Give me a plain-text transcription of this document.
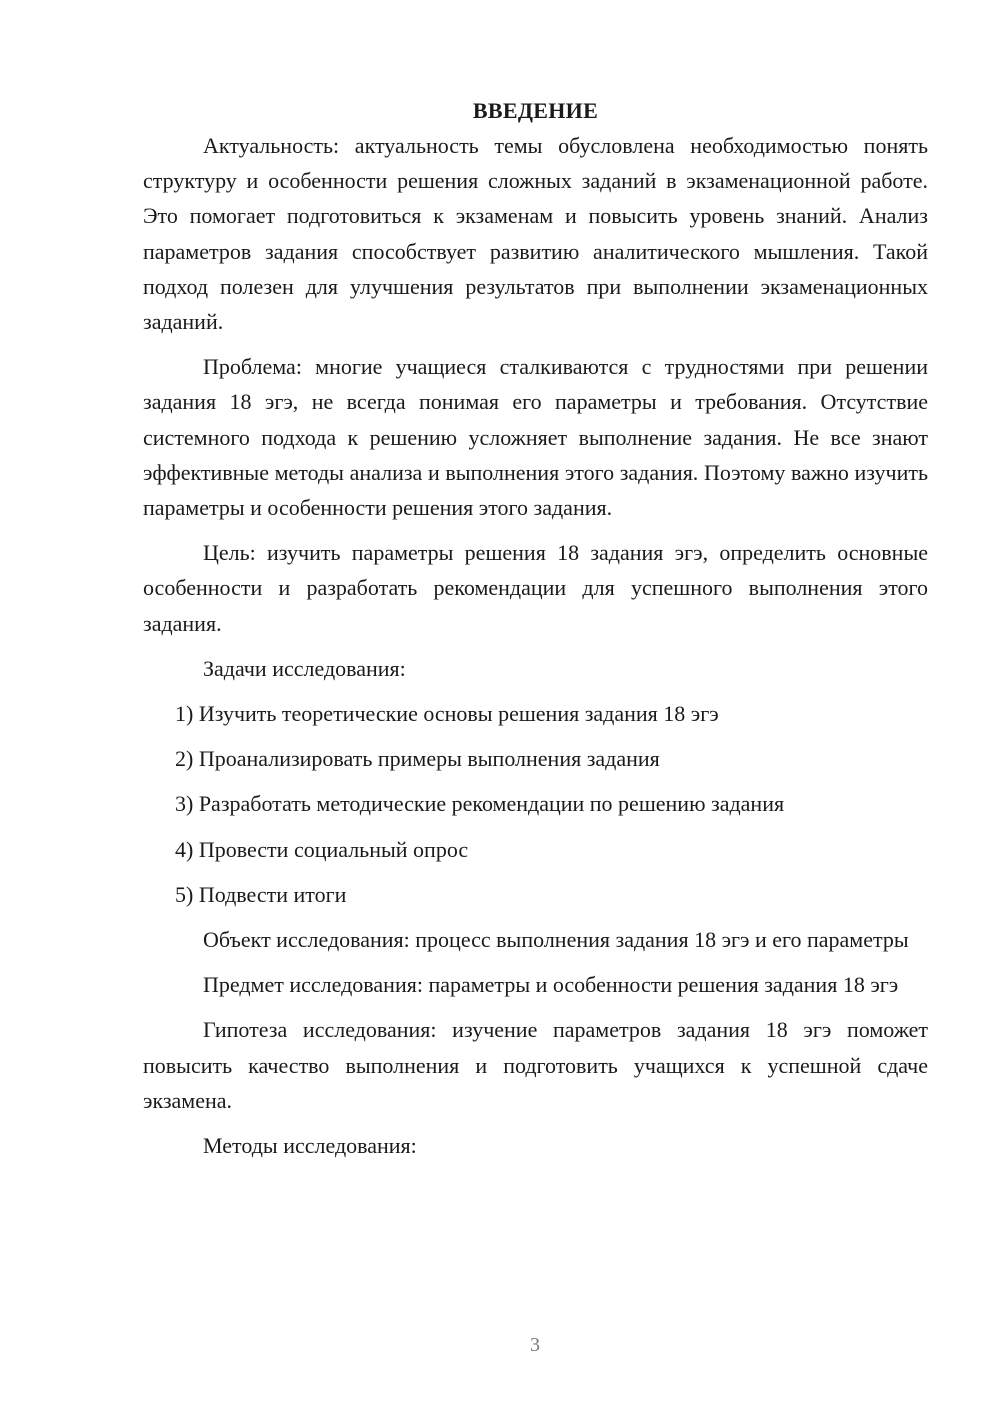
ВВЕДЕНИЕ

Актуальность: актуальность темы обусловлена необходимостью понять структуру и особенности решения сложных заданий в экзаменационной работе. Это помогает подготовиться к экзаменам и повысить уровень знаний. Анализ параметров задания способствует развитию аналитического мышления. Такой подход полезен для улучшения результатов при выполнении экзаменационных заданий.

Проблема: многие учащиеся сталкиваются с трудностями при решении задания 18 эгэ, не всегда понимая его параметры и требования. Отсутствие системного подхода к решению усложняет выполнение задания. Не все знают эффективные методы анализа и выполнения этого задания. Поэтому важно изучить параметры и особенности решения этого задания.

Цель: изучить параметры решения 18 задания эгэ, определить основные особенности и разработать рекомендации для успешного выполнения этого задания.

Задачи исследования:

1) Изучить теоретические основы решения задания 18 эгэ

2) Проанализировать примеры выполнения задания

3) Разработать методические рекомендации по решению задания

4) Провести социальный опрос

5) Подвести итоги

Объект исследования: процесс выполнения задания 18 эгэ и его параметры

Предмет исследования: параметры и особенности решения задания 18 эгэ

Гипотеза исследования: изучение параметров задания 18 эгэ поможет повысить качество выполнения и подготовить учащихся к успешной сдаче экзамена.

Методы исследования:

3
